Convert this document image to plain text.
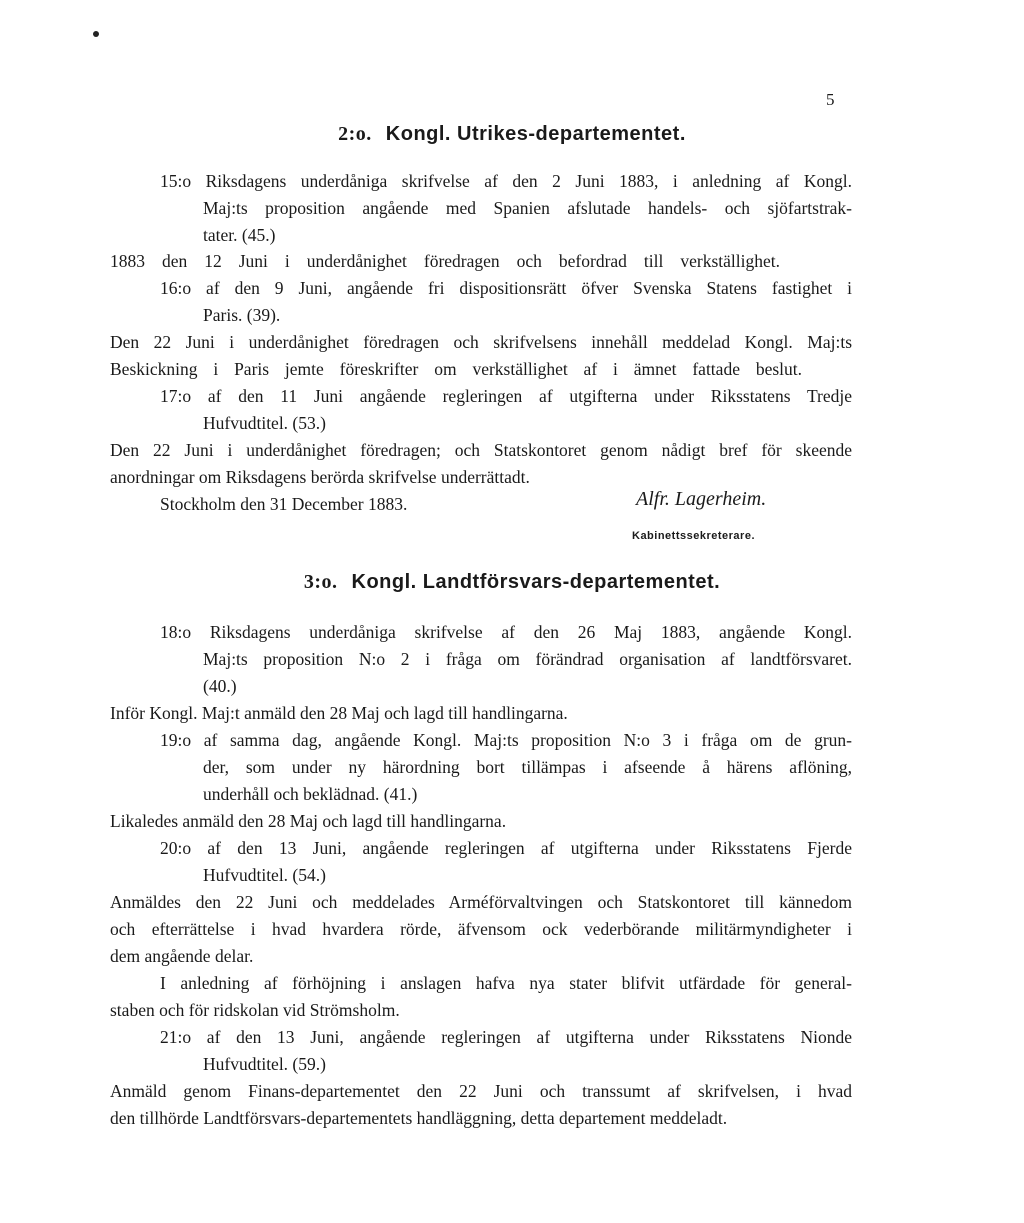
5
2:o. Kongl. Utrikes-departementet.
15:o Riksdagens underdåniga skrifvelse af den 2 Juni 1883, i anledning af Kongl.
Maj:ts proposition angående med Spanien afslutade handels- och sjöfartstrak-
tater. (45.)
1883 den 12 Juni i underdånighet föredragen och befordrad till verkställighet.
16:o af den 9 Juni, angående fri dispositionsrätt öfver Svenska Statens fastighet i
Paris. (39).
Den 22 Juni i underdånighet föredragen och skrifvelsens innehåll meddelad Kongl. Maj:ts
Beskickning i Paris jemte föreskrifter om verkställighet af i ämnet fattade beslut.
17:o af den 11 Juni angående regleringen af utgifterna under Riksstatens Tredje
Hufvudtitel. (53.)
Den 22 Juni i underdånighet föredragen; och Statskontoret genom nådigt bref för skeende
anordningar om Riksdagens berörda skrifvelse underrättadt.
Stockholm den 31 December 1883.	Alfr. Lagerheim.
Kabinettssekreterare.
3:o. Kongl. Landtförsvars-departementet.
18:o Riksdagens underdåniga skrifvelse af den 26 Maj 1883, angående Kongl.
Maj:ts proposition N:o 2 i fråga om förändrad organisation af landtförsvaret.
(40.)
Inför Kongl. Maj:t anmäld den 28 Maj och lagd till handlingarna.
19:o af samma dag, angående Kongl. Maj:ts proposition N:o 3 i fråga om de grun-
der, som under ny härordning bort tillämpas i afseende å härens aflöning,
underhåll och beklädnad. (41.)
Likaledes anmäld den 28 Maj och lagd till handlingarna.
20:o af den 13 Juni, angående regleringen af utgifterna under Riksstatens Fjerde
Hufvudtitel. (54.)
Anmäldes den 22 Juni och meddelades Arméförvaltvingen och Statskontoret till kännedom
och efterrättelse i hvad hvardera rörde, äfvensom ock vederbörande militärmyndigheter i
dem angående delar.
I anledning af förhöjning i anslagen hafva nya stater blifvit utfärdade för general-
staben och för ridskolan vid Strömsholm.
21:o af den 13 Juni, angående regleringen af utgifterna under Riksstatens Nionde
Hufvudtitel. (59.)
Anmäld genom Finans-departementet den 22 Juni och transsumt af skrifvelsen, i hvad
den tillhörde Landtförsvars-departementets handläggning, detta departement meddeladt.
